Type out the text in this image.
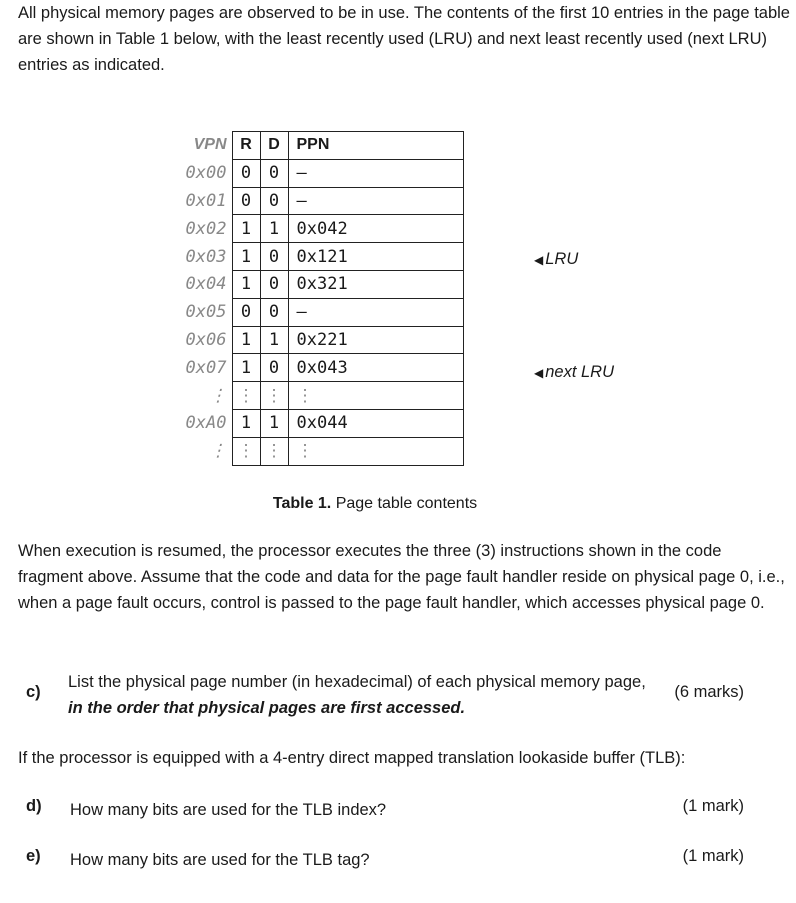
All physical memory pages are observed to be in use. The contents of the first 10 entries in the page table are shown in Table 1 below, with the least recently used (LRU) and next least recently used (next LRU) entries as indicated.

VPN	R	D	PPN
0x00	0	0	—
0x01	0	0	—
0x02	1	1	0x042
0x03	1	0	0x121
0x04	1	0	0x321
0x05	0	0	—
0x06	1	1	0x221
0x07	1	0	0x043
⋮	⋮	⋮	⋮
0xA0	1	1	0x044
⋮	⋮	⋮	⋮
◀ LRU
◀ next LRU
Table 1. Page table contents

When execution is resumed, the processor executes the three (3) instructions shown in the code fragment above. Assume that the code and data for the page fault handler reside on physical page 0, i.e., when a page fault occurs, control is passed to the page fault handler, which accesses physical page 0.

c)
List the physical page number (in hexadecimal) of each physical memory page, in the order that physical pages are first accessed.
(6 marks)

If the processor is equipped with a 4-entry direct mapped translation lookaside buffer (TLB):

d) How many bits are used for the TLB index?	(1 mark)
e) How many bits are used for the TLB tag?	(1 mark)
